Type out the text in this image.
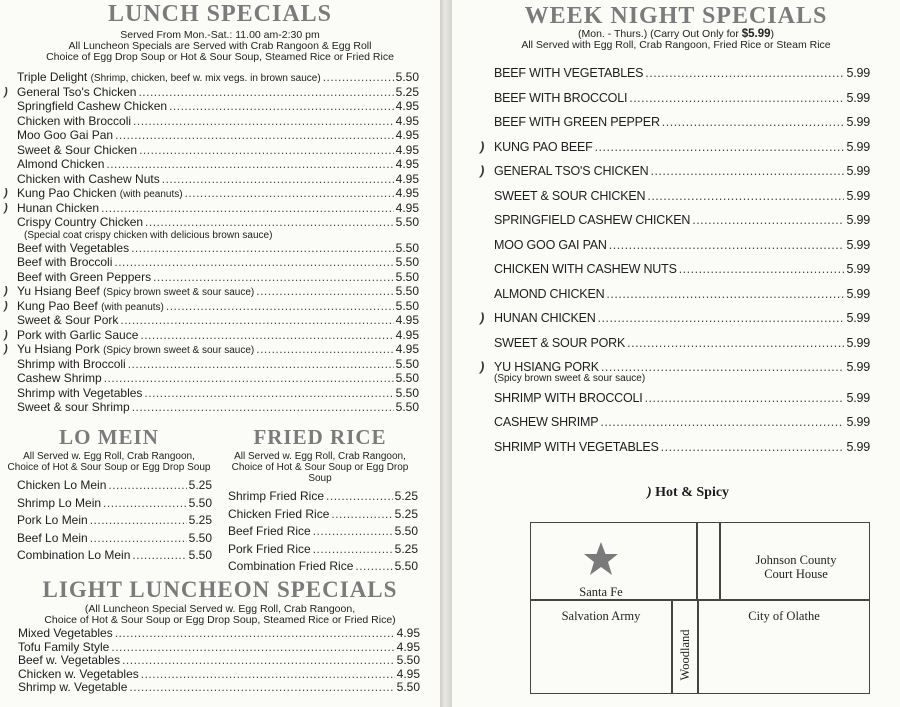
LUNCH SPECIALS
Served From Mon.-Sat.: 11.00 am-2:30 pm
All Luncheon Specials are Served with Crab Rangoon & Egg Roll
Choice of Egg Drop Soup or Hot & Sour Soup, Steamed Rice or Fried Rice
Triple Delight (Shrimp, chicken, beef w. mix vegs. in brown sauce) .....	5.50
) General Tso's Chicken .....	5.25
Springfield Cashew Chicken .....	4.95
Chicken with Broccoli .....	4.95
Moo Goo Gai Pan .....	4.95
Sweet & Sour Chicken .....	4.95
Almond Chicken .....	4.95
Chicken with Cashew Nuts .....	4.95
) Kung Pao Chicken (with peanuts) .....	4.95
) Hunan Chicken .....	4.95
Crispy Country Chicken .....	5.50
(Special coat crispy chicken with delicious brown sauce)
Beef with Vegetables .....	5.50
Beef with Broccoli .....	5.50
Beef with Green Peppers .....	5.50
) Yu Hsiang Beef (Spicy brown sweet & sour sauce) .....	5.50
) Kung Pao Beef (with peanuts) .....	5.50
Sweet & Sour Pork .....	4.95
) Pork with Garlic Sauce .....	4.95
) Yu Hsiang Pork (Spicy brown sweet & sour sauce) .....	4.95
Shrimp with Broccoli .....	5.50
Cashew Shrimp .....	5.50
Shrimp with Vegetables .....	5.50
Sweet & sour Shrimp .....	5.50
LO MEIN
All Served w. Egg Roll, Crab Rangoon,
Choice of Hot & Sour Soup or Egg Drop Soup
Chicken Lo Mein .....	5.25
Shrimp Lo Mein .....	5.50
Pork Lo Mein .....	5.25
Beef Lo Mein .....	5.50
Combination Lo Mein .....	5.50
FRIED RICE
All Served w. Egg Roll, Crab Rangoon,
Choice of Hot & Sour Soup or Egg Drop Soup
Shrimp Fried Rice .....	5.25
Chicken Fried Rice .....	5.25
Beef Fried Rice .....	5.50
Pork Fried Rice .....	5.25
Combination Fried Rice .....	5.50
LIGHT LUNCHEON SPECIALS
(All Luncheon Special Served w. Egg Roll, Crab Rangoon,
Choice of Hot & Sour Soup or Egg Drop Soup, Steamed Rice or Fried Rice)
Mixed Vegetables .....	4.95
Tofu Family Style .....	4.95
Beef w. Vegetables .....	5.50
Chicken w. Vegetables .....	4.95
Shrimp w. Vegetable .....	5.50
WEEK NIGHT SPECIALS
(Mon. - Thurs.) (Carry Out Only for $5.99)
All Served with Egg Roll, Crab Rangoon, Fried Rice or Steam Rice
BEEF WITH VEGETABLES .....	5.99
BEEF WITH BROCCOLI .....	5.99
BEEF WITH GREEN PEPPER .....	5.99
) KUNG PAO BEEF .....	5.99
) GENERAL TSO'S CHICKEN .....	5.99
SWEET & SOUR CHICKEN .....	5.99
SPRINGFIELD CASHEW CHICKEN .....	5.99
MOO GOO GAI PAN .....	5.99
CHICKEN WITH CASHEW NUTS .....	5.99
ALMOND CHICKEN .....	5.99
) HUNAN CHICKEN .....	5.99
SWEET & SOUR PORK .....	5.99
) YU HSIANG PORK .....	5.99
(Spicy brown sweet & sour sauce)
SHRIMP WITH BROCCOLI .....	5.99
CASHEW SHRIMP .....	5.99
SHRIMP WITH VEGETABLES .....	5.99
) Hot & Spicy
Santa Fe
Johnson County
Court House
Salvation Army	City of Olathe
Woodland
